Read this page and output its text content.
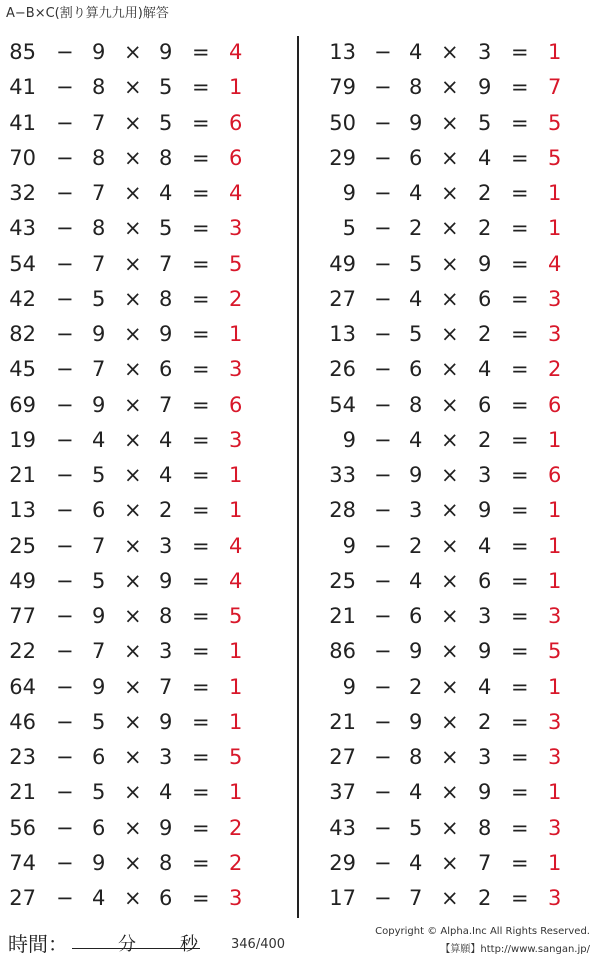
A−B×C(割り算九九用)解答
85 − 9 × 9 = 4
41 − 8 × 5 = 1
41 − 7 × 5 = 6
70 − 8 × 8 = 6
32 − 7 × 4 = 4
43 − 8 × 5 = 3
54 − 7 × 7 = 5
42 − 5 × 8 = 2
82 − 9 × 9 = 1
45 − 7 × 6 = 3
69 − 9 × 7 = 6
19 − 4 × 4 = 3
21 − 5 × 4 = 1
13 − 6 × 2 = 1
25 − 7 × 3 = 4
49 − 5 × 9 = 4
77 − 9 × 8 = 5
22 − 7 × 3 = 1
64 − 9 × 7 = 1
46 − 5 × 9 = 1
23 − 6 × 3 = 5
21 − 5 × 4 = 1
56 − 6 × 9 = 2
74 − 9 × 8 = 2
27 − 4 × 6 = 3
13 − 4 × 3 = 1
79 − 8 × 9 = 7
50 − 9 × 5 = 5
29 − 6 × 4 = 5
9 − 4 × 2 = 1
5 − 2 × 2 = 1
49 − 5 × 9 = 4
27 − 4 × 6 = 3
13 − 5 × 2 = 3
26 − 6 × 4 = 2
54 − 8 × 6 = 6
9 − 4 × 2 = 1
33 − 9 × 3 = 6
28 − 3 × 9 = 1
9 − 2 × 4 = 1
25 − 4 × 6 = 1
21 − 6 × 3 = 3
86 − 9 × 9 = 5
9 − 2 × 4 = 1
21 − 9 × 2 = 3
27 − 8 × 3 = 3
37 − 4 × 9 = 1
43 − 5 × 8 = 3
29 − 4 × 7 = 1
17 − 7 × 2 = 3
時間：	分 秒	346/400
Copyright © Alpha.Inc All Rights Reserved.
【算願】http://www.sangan.jp/
